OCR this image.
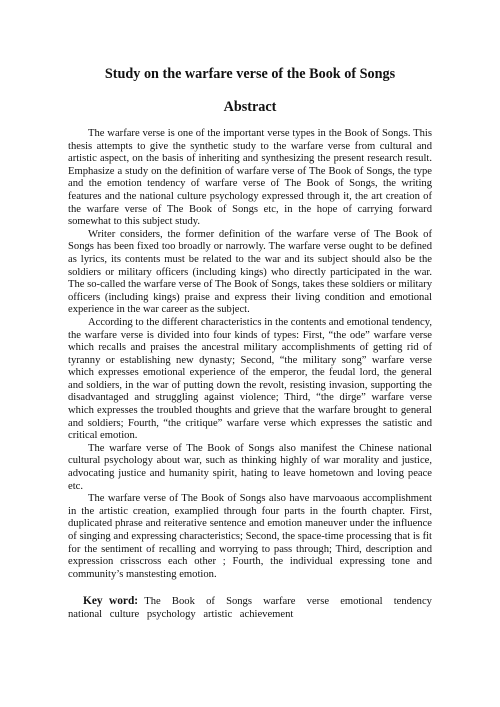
Study on the warfare verse of the Book of Songs
Abstract

The warfare verse is one of the important verse types in the Book of Songs. This thesis attempts to give the synthetic study to the warfare verse from cultural and artistic aspect, on the basis of inheriting and synthesizing the present research result. Emphasize a study on the definition of warfare verse of The Book of Songs, the type and the emotion tendency of warfare verse of The Book of Songs, the writing features and the national culture psychology expressed through it, the art creation of the warfare verse of The Book of Songs etc, in the hope of carrying forward somewhat to this subject study.

Writer considers, the former definition of the warfare verse of The Book of Songs has been fixed too broadly or narrowly. The warfare verse ought to be defined as lyrics, its contents must be related to the war and its subject should also be the soldiers or military officers (including kings) who directly participated in the war. The so-called the warfare verse of The Book of Songs, takes these soldiers or military officers (including kings) praise and express their living condition and emotional experience in the war career as the subject.

According to the different characteristics in the contents and emotional tendency, the warfare verse is divided into four kinds of types: First, “the ode” warfare verse which recalls and praises the ancestral military accomplishments of getting rid of tyranny or establishing new dynasty; Second, “the military song” warfare verse which expresses emotional experience of the emperor, the feudal lord, the general and soldiers, in the war of putting down the revolt, resisting invasion, supporting the disadvantaged and struggling against violence; Third, “the dirge” warfare verse which expresses the troubled thoughts and grieve that the warfare brought to general and soldiers; Fourth, “the critique” warfare verse which expresses the satistic and critical emotion.

The warfare verse of The Book of Songs also manifest the Chinese national cultural psychology about war, such as thinking highly of war morality and justice, advocating justice and humanity spirit, hating to leave hometown and loving peace etc.

The warfare verse of The Book of Songs also have marvoaous accomplishment in the artistic creation, examplied through four parts in the fourth chapter. First, duplicated phrase and reiterative sentence and emotion maneuver under the influence of singing and expressing characteristics; Second, the space-time processing that is fit for the sentiment of recalling and worrying to pass through; Third, description and expression crisscross each other ; Fourth, the individual expressing tone and community’s manstesting emotion.

Key word: The Book of Songs warfare verse emotional tendency national culture psychology artistic achievement
